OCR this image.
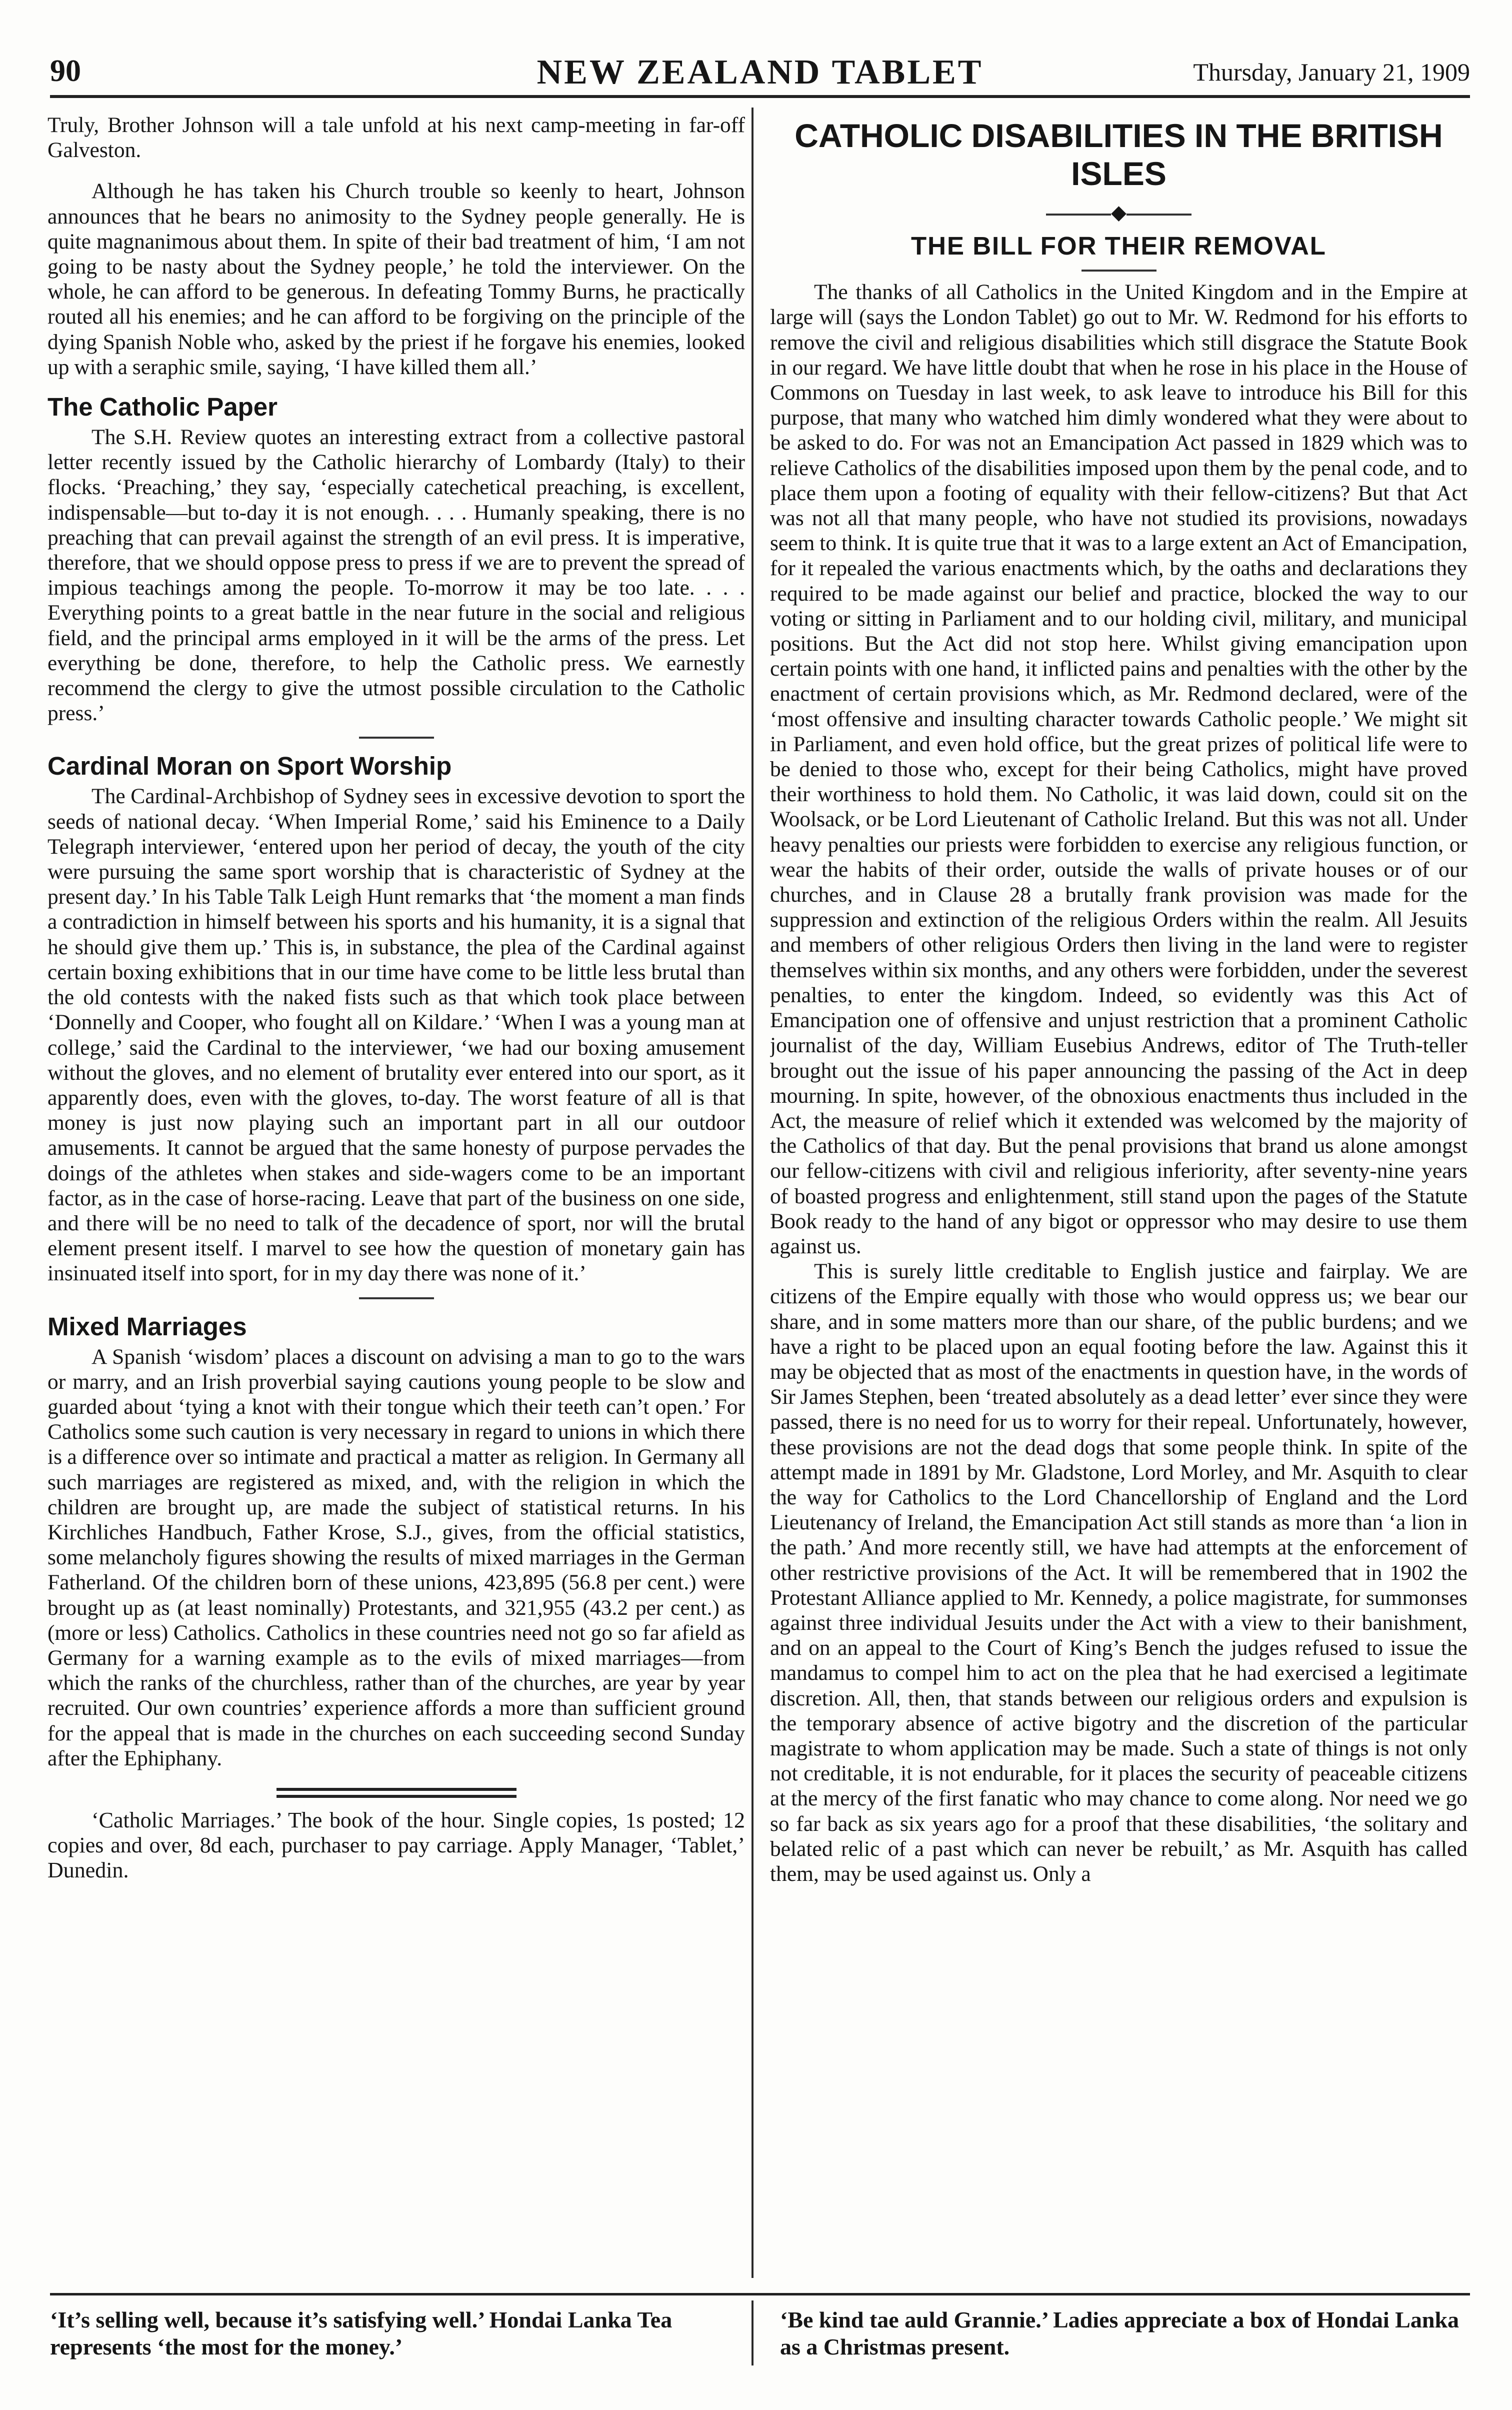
90	NEW ZEALAND TABLET	Thursday, January 21, 1909

Truly, Brother Johnson will a tale unfold at his next camp-meeting in far-off Galveston.

Although he has taken his Church trouble so keenly to heart, Johnson announces that he bears no animosity to the Sydney people generally. He is quite magnanimous about them. In spite of their bad treatment of him, ‘I am not going to be nasty about the Sydney people,’ he told the interviewer. On the whole, he can afford to be generous. In defeating Tommy Burns, he practically routed all his enemies; and he can afford to be forgiving on the principle of the dying Spanish Noble who, asked by the priest if he forgave his enemies, looked up with a seraphic smile, saying, ‘I have killed them all.’

The Catholic Paper

The S.H. Review quotes an interesting extract from a collective pastoral letter recently issued by the Catholic hierarchy of Lombardy (Italy) to their flocks. ‘Preaching,’ they say, ‘especially catechetical preaching, is excellent, indispensable—but to-day it is not enough. . . . Humanly speaking, there is no preaching that can prevail against the strength of an evil press. It is imperative, therefore, that we should oppose press to press if we are to prevent the spread of impious teachings among the people. To-morrow it may be too late. . . . Everything points to a great battle in the near future in the social and religious field, and the principal arms employed in it will be the arms of the press. Let everything be done, therefore, to help the Catholic press. We earnestly recommend the clergy to give the utmost possible circulation to the Catholic press.’

Cardinal Moran on Sport Worship

The Cardinal-Archbishop of Sydney sees in excessive devotion to sport the seeds of national decay. ‘When Imperial Rome,’ said his Eminence to a Daily Telegraph interviewer, ‘entered upon her period of decay, the youth of the city were pursuing the same sport worship that is characteristic of Sydney at the present day.’ In his Table Talk Leigh Hunt remarks that ‘the moment a man finds a contradiction in himself between his sports and his humanity, it is a signal that he should give them up.’ This is, in substance, the plea of the Cardinal against certain boxing exhibitions that in our time have come to be little less brutal than the old contests with the naked fists such as that which took place between ‘Donnelly and Cooper, who fought all on Kildare.’ ‘When I was a young man at college,’ said the Cardinal to the interviewer, ‘we had our boxing amusement without the gloves, and no element of brutality ever entered into our sport, as it apparently does, even with the gloves, to-day. The worst feature of all is that money is just now playing such an important part in all our outdoor amusements. It cannot be argued that the same honesty of purpose pervades the doings of the athletes when stakes and side-wagers come to be an important factor, as in the case of horse-racing. Leave that part of the business on one side, and there will be no need to talk of the decadence of sport, nor will the brutal element present itself. I marvel to see how the question of monetary gain has insinuated itself into sport, for in my day there was none of it.’

Mixed Marriages

A Spanish ‘wisdom’ places a discount on advising a man to go to the wars or marry, and an Irish proverbial saying cautions young people to be slow and guarded about ‘tying a knot with their tongue which their teeth can’t open.’ For Catholics some such caution is very necessary in regard to unions in which there is a difference over so intimate and practical a matter as religion. In Germany all such marriages are registered as mixed, and, with the religion in which the children are brought up, are made the subject of statistical returns. In his Kirchliches Handbuch, Father Krose, S.J., gives, from the official statistics, some melancholy figures showing the results of mixed marriages in the German Fatherland. Of the children born of these unions, 423,895 (56.8 per cent.) were brought up as (at least nominally) Protestants, and 321,955 (43.2 per cent.) as (more or less) Catholics. Catholics in these countries need not go so far afield as Germany for a warning example as to the evils of mixed marriages—from which the ranks of the churchless, rather than of the churches, are year by year recruited. Our own countries’ experience affords a more than sufficient ground for the appeal that is made in the churches on each succeeding second Sunday after the Ephiphany.

‘Catholic Marriages.’ The book of the hour. Single copies, 1s posted; 12 copies and over, 8d each, purchaser to pay carriage. Apply Manager, ‘Tablet,’ Dunedin.

CATHOLIC DISABILITIES IN THE BRITISH ISLES
◆
THE BILL FOR THEIR REMOVAL

The thanks of all Catholics in the United Kingdom and in the Empire at large will (says the London Tablet) go out to Mr. W. Redmond for his efforts to remove the civil and religious disabilities which still disgrace the Statute Book in our regard. We have little doubt that when he rose in his place in the House of Commons on Tuesday in last week, to ask leave to introduce his Bill for this purpose, that many who watched him dimly wondered what they were about to be asked to do. For was not an Emancipation Act passed in 1829 which was to relieve Catholics of the disabilities imposed upon them by the penal code, and to place them upon a footing of equality with their fellow-citizens? But that Act was not all that many people, who have not studied its provisions, nowadays seem to think. It is quite true that it was to a large extent an Act of Emancipation, for it repealed the various enactments which, by the oaths and declarations they required to be made against our belief and practice, blocked the way to our voting or sitting in Parliament and to our holding civil, military, and municipal positions. But the Act did not stop here. Whilst giving emancipation upon certain points with one hand, it inflicted pains and penalties with the other by the enactment of certain provisions which, as Mr. Redmond declared, were of the ‘most offensive and insulting character towards Catholic people.’ We might sit in Parliament, and even hold office, but the great prizes of political life were to be denied to those who, except for their being Catholics, might have proved their worthiness to hold them. No Catholic, it was laid down, could sit on the Woolsack, or be Lord Lieutenant of Catholic Ireland. But this was not all. Under heavy penalties our priests were forbidden to exercise any religious function, or wear the habits of their order, outside the walls of private houses or of our churches, and in Clause 28 a brutally frank provision was made for the suppression and extinction of the religious Orders within the realm. All Jesuits and members of other religious Orders then living in the land were to register themselves within six months, and any others were forbidden, under the severest penalties, to enter the kingdom. Indeed, so evidently was this Act of Emancipation one of offensive and unjust restriction that a prominent Catholic journalist of the day, William Eusebius Andrews, editor of The Truth-teller brought out the issue of his paper announcing the passing of the Act in deep mourning. In spite, however, of the obnoxious enactments thus included in the Act, the measure of relief which it extended was welcomed by the majority of the Catholics of that day. But the penal provisions that brand us alone amongst our fellow-citizens with civil and religious inferiority, after seventy-nine years of boasted progress and enlightenment, still stand upon the pages of the Statute Book ready to the hand of any bigot or oppressor who may desire to use them against us.

This is surely little creditable to English justice and fairplay. We are citizens of the Empire equally with those who would oppress us; we bear our share, and in some matters more than our share, of the public burdens; and we have a right to be placed upon an equal footing before the law. Against this it may be objected that as most of the enactments in question have, in the words of Sir James Stephen, been ‘treated absolutely as a dead letter’ ever since they were passed, there is no need for us to worry for their repeal. Unfortunately, however, these provisions are not the dead dogs that some people think. In spite of the attempt made in 1891 by Mr. Gladstone, Lord Morley, and Mr. Asquith to clear the way for Catholics to the Lord Chancellorship of England and the Lord Lieutenancy of Ireland, the Emancipation Act still stands as more than ‘a lion in the path.’ And more recently still, we have had attempts at the enforcement of other restrictive provisions of the Act. It will be remembered that in 1902 the Protestant Alliance applied to Mr. Kennedy, a police magistrate, for summonses against three individual Jesuits under the Act with a view to their banishment, and on an appeal to the Court of King’s Bench the judges refused to issue the mandamus to compel him to act on the plea that he had exercised a legitimate discretion. All, then, that stands between our religious orders and expulsion is the temporary absence of active bigotry and the discretion of the particular magistrate to whom application may be made. Such a state of things is not only not creditable, it is not endurable, for it places the security of peaceable citizens at the mercy of the first fanatic who may chance to come along. Nor need we go so far back as six years ago for a proof that these disabilities, ‘the solitary and belated relic of a past which can never be rebuilt,’ as Mr. Asquith has called them, may be used against us. Only a

‘It’s selling well, because it’s satisfying well.’ Hondai Lanka Tea represents ‘the most for the money.’
‘Be kind tae auld Grannie.’ Ladies appreciate a box of Hondai Lanka as a Christmas present.
